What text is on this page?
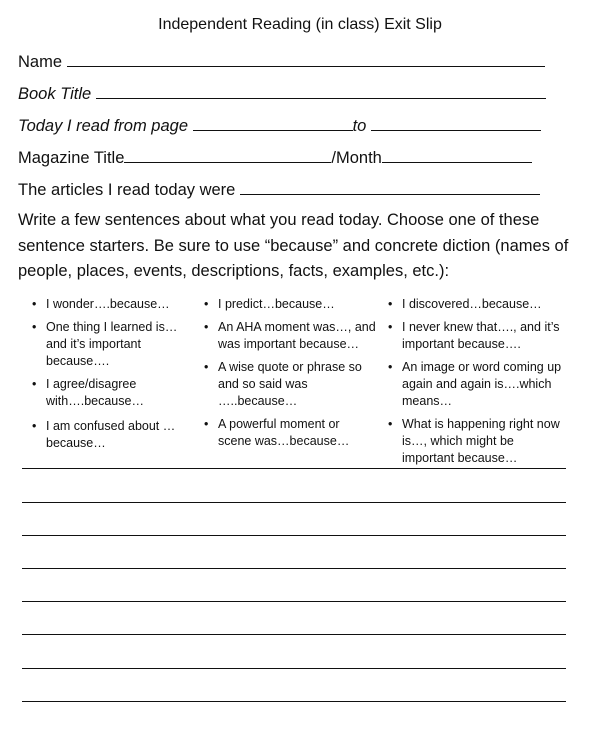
Independent Reading (in class) Exit Slip
Name
Book Title
Today I read from page	to
Magazine Title	/Month
The articles I read today were
Write a few sentences about what you read today. Choose one of these sentence starters. Be sure to use “because” and concrete diction (names of people, places, events, descriptions, facts, examples, etc.):
• I wonder….because…
• One thing I learned is…and it’s important because….
• I agree/disagree with….because…
• I am confused about …because…
• I predict…because…
• An AHA moment was…, and was important because…
• A wise quote or phrase so and so said was …..because…
• A powerful moment or scene was…because…
• I discovered…because…
• I never knew that…., and it’s important because….
• An image or word coming up again and again is….which means…
• What is happening right now is…, which might be important because…
